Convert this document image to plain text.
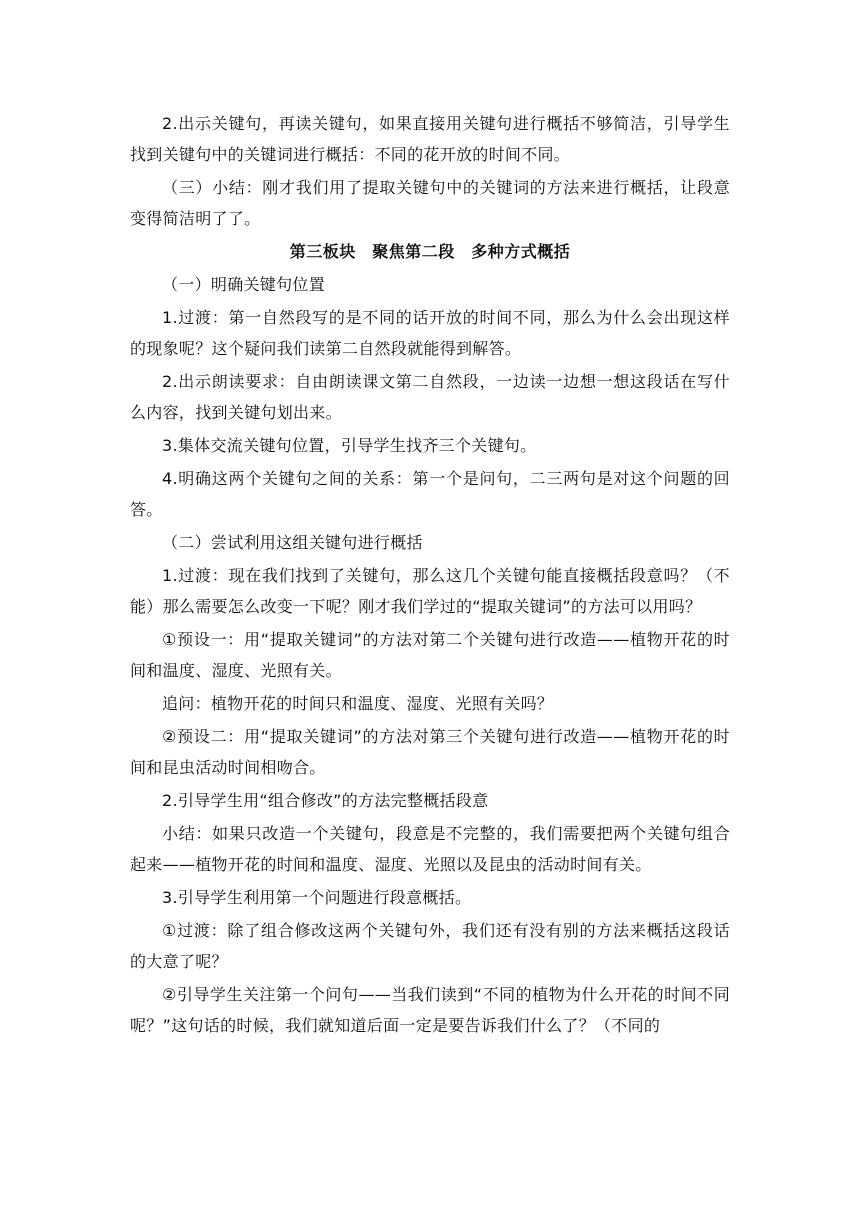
2.出示关键句，再读关键句，如果直接用关键句进行概括不够简洁，引导学生找到关键句中的关键词进行概括：不同的花开放的时间不同。

（三）小结：刚才我们用了提取关键句中的关键词的方法来进行概括，让段意变得简洁明了了。

第三板块　聚焦第二段　多种方式概括

（一）明确关键句位置

1.过渡：第一自然段写的是不同的话开放的时间不同，那么为什么会出现这样的现象呢？这个疑问我们读第二自然段就能得到解答。

2.出示朗读要求：自由朗读课文第二自然段，一边读一边想一想这段话在写什么内容，找到关键句划出来。

3.集体交流关键句位置，引导学生找齐三个关键句。

4.明确这两个关键句之间的关系：第一个是问句，二三两句是对这个问题的回答。

（二）尝试利用这组关键句进行概括

1.过渡：现在我们找到了关键句，那么这几个关键句能直接概括段意吗？（不能）那么需要怎么改变一下呢？刚才我们学过的“提取关键词”的方法可以用吗？

①预设一：用“提取关键词”的方法对第二个关键句进行改造——植物开花的时间和温度、湿度、光照有关。

追问：植物开花的时间只和温度、湿度、光照有关吗？

②预设二：用“提取关键词”的方法对第三个关键句进行改造——植物开花的时间和昆虫活动时间相吻合。

2.引导学生用“组合修改”的方法完整概括段意

小结：如果只改造一个关键句，段意是不完整的，我们需要把两个关键句组合起来——植物开花的时间和温度、湿度、光照以及昆虫的活动时间有关。

3.引导学生利用第一个问题进行段意概括。

①过渡：除了组合修改这两个关键句外，我们还有没有别的方法来概括这段话的大意了呢？

②引导学生关注第一个问句——当我们读到“不同的植物为什么开花的时间不同呢？”这句话的时候，我们就知道后面一定是要告诉我们什么了？（不同的
